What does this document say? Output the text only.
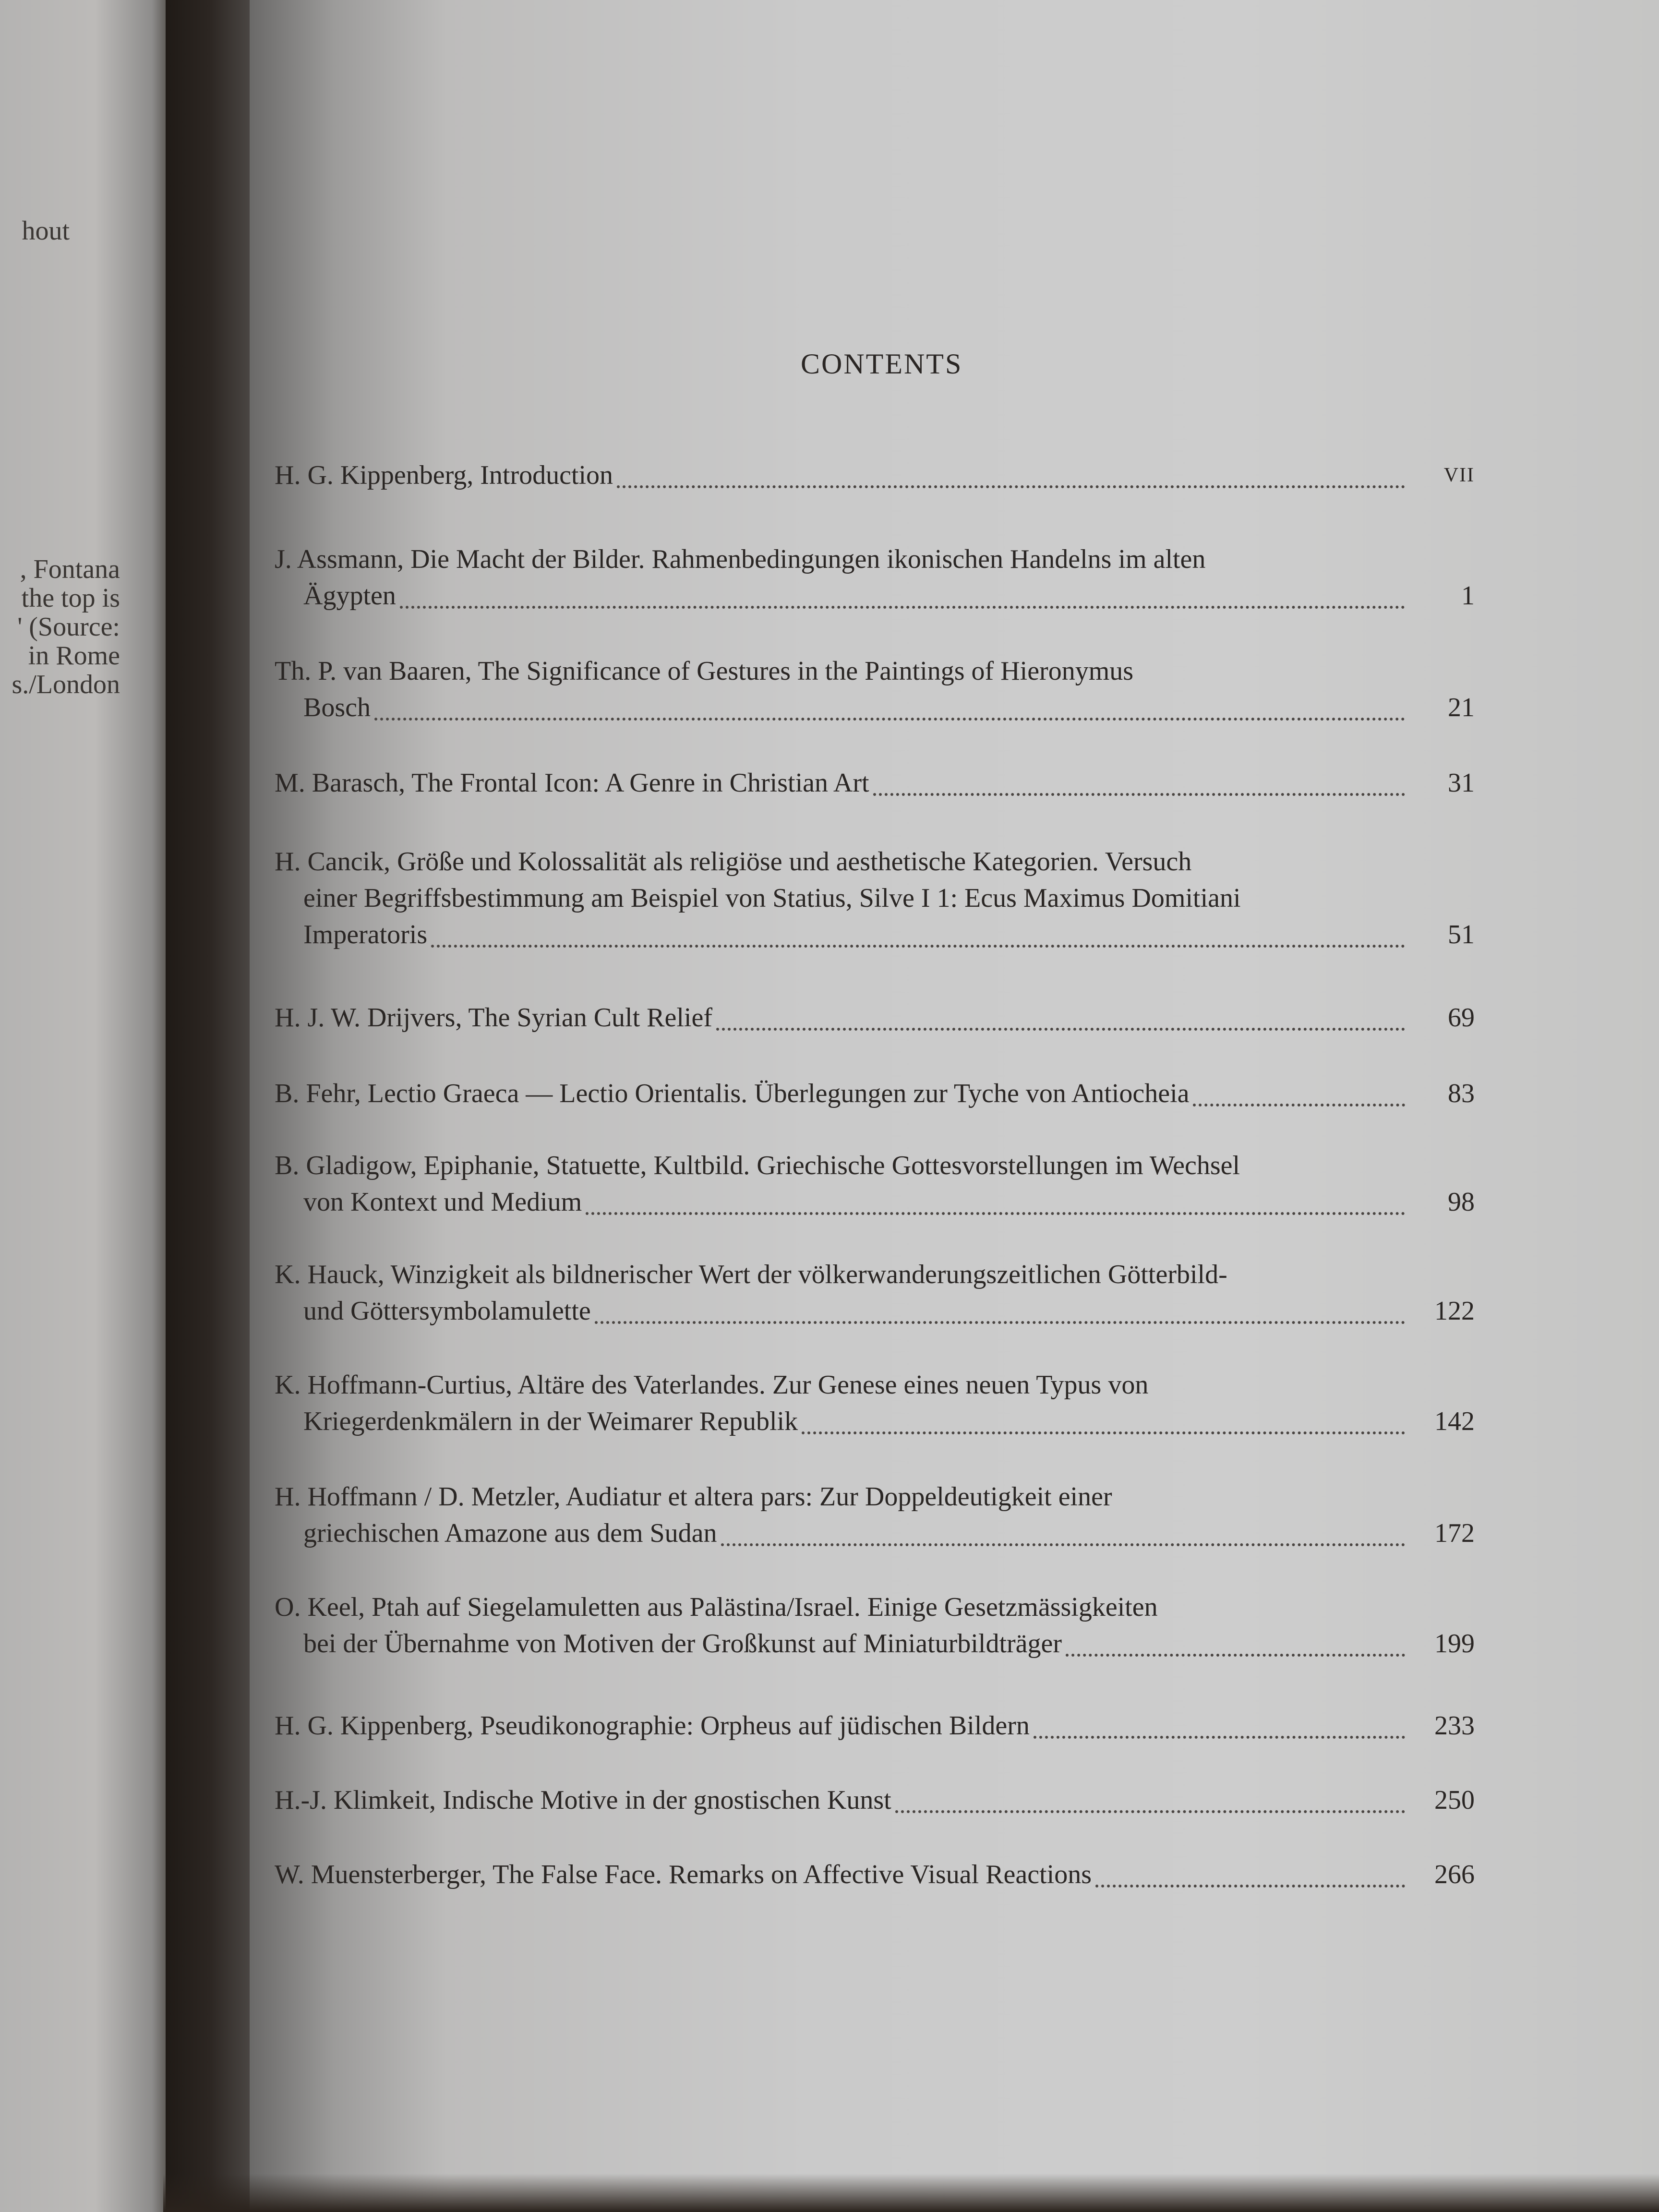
hout
, Fontana
the top is
' (Source:
in Rome
s./London
CONTENTS
H. G. Kippenberg, Introduction	VII
J. Assmann, Die Macht der Bilder. Rahmenbedingungen ikonischen Handelns im alten
Ägypten	1
Th. P. van Baaren, The Significance of Gestures in the Paintings of Hieronymus
Bosch	21
M. Barasch, The Frontal Icon: A Genre in Christian Art	31
H. Cancik, Größe und Kolossalität als religiöse und aesthetische Kategorien. Versuch
einer Begriffsbestimmung am Beispiel von Statius, Silve I 1: Ecus Maximus Domitiani
Imperatoris	51
H. J. W. Drijvers, The Syrian Cult Relief	69
B. Fehr, Lectio Graeca — Lectio Orientalis. Überlegungen zur Tyche von Antiocheia	83
B. Gladigow, Epiphanie, Statuette, Kultbild. Griechische Gottesvorstellungen im Wechsel
von Kontext und Medium	98
K. Hauck, Winzigkeit als bildnerischer Wert der völkerwanderungszeitlichen Götterbild-
und Göttersymbolamulette	122
K. Hoffmann-Curtius, Altäre des Vaterlandes. Zur Genese eines neuen Typus von
Kriegerdenkmälern in der Weimarer Republik	142
H. Hoffmann / D. Metzler, Audiatur et altera pars: Zur Doppeldeutigkeit einer
griechischen Amazone aus dem Sudan	172
O. Keel, Ptah auf Siegelamuletten aus Palästina/Israel. Einige Gesetzmässigkeiten
bei der Übernahme von Motiven der Großkunst auf Miniaturbildträger	199
H. G. Kippenberg, Pseudikonographie: Orpheus auf jüdischen Bildern	233
H.-J. Klimkeit, Indische Motive in der gnostischen Kunst	250
W. Muensterberger, The False Face. Remarks on Affective Visual Reactions	266
